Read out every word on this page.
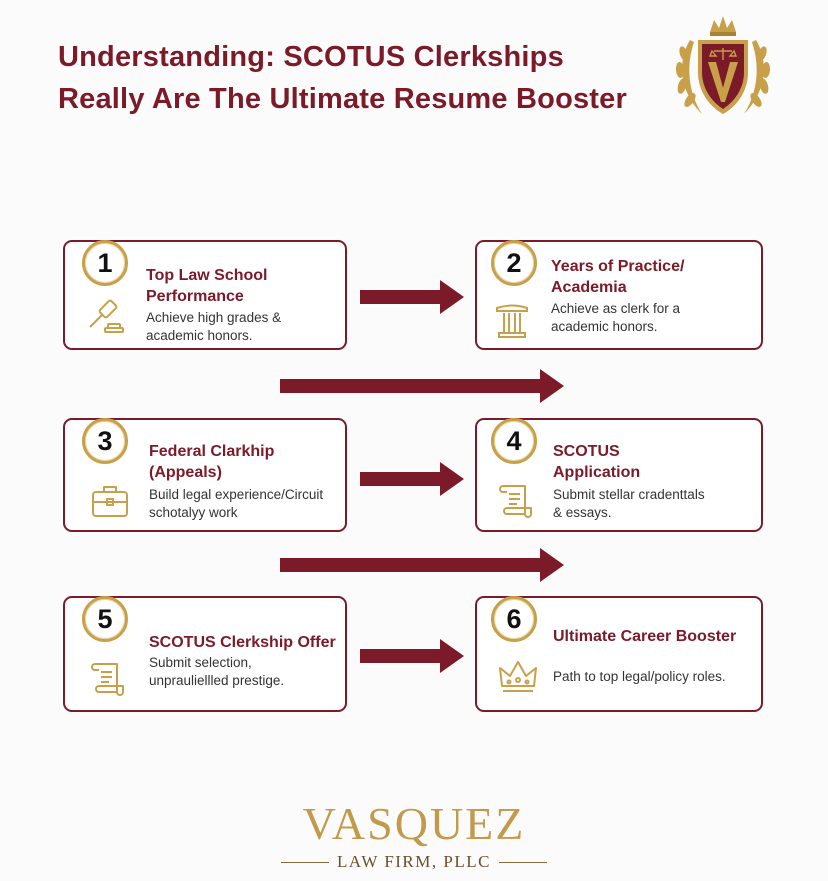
Understanding: SCOTUS Clerkships
Really Are The Ultimate Resume Booster
1	Top Law School
Performance
Achieve high grades &
academic honors.
2	Years of Practice/
Academia
Achieve as clerk for a
academic honors.
3	Federal Clarkhip
(Appeals)
Build legal experience/Circuit
schotalyy work
4	SCOTUS
Application
Submit stellar cradenttals
& essays.
5
SCOTUS Clerkship Offer
Submit selection,
unprauliellled prestige.
6
Ultimate Career Booster
Path to top legal/policy roles.
VASQUEZ
LAW FIRM, PLLC
